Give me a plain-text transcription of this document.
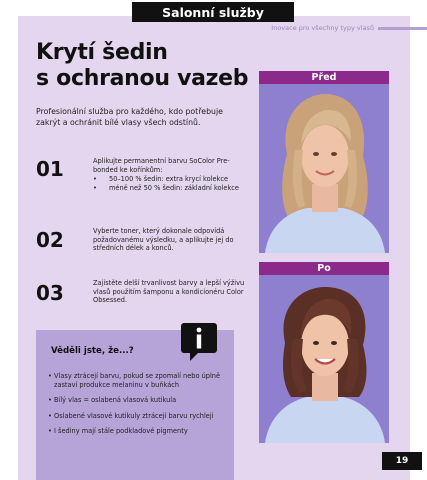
Salonní služby
Inovace pro všechny typy vlasů
Krytí šedin
s ochranou vazeb

Profesionální služba pro každého, kdo potřebuje zakrýt a ochránit bílé vlasy všech odstínů.

01	Aplikujte permanentní barvu SoColor Pre-bonded ke kořínkům:
• 50–100 % šedin: extra krycí kolekce
• méně než 50 % šedin: základní kolekce
02	Vyberte toner, který dokonale odpovídá požadovanému výsledku, a aplikujte jej do středních délek a konců.
03	Zajistěte delší trvanlivost barvy a lepší výživu vlasů použitím šamponu a kondicionéru Color Obsessed.
Před
Po
Věděli jste, že...?
• Vlasy ztrácejí barvu, pokud se zpomalí nebo úplně zastaví produkce melaninu v buňkách
• Bílý vlas = oslabená vlasová kutikula
• Oslabené vlasové kutikuly ztrácejí barvu rychleji
• I šediny mají stále podkladové pigmenty
19
